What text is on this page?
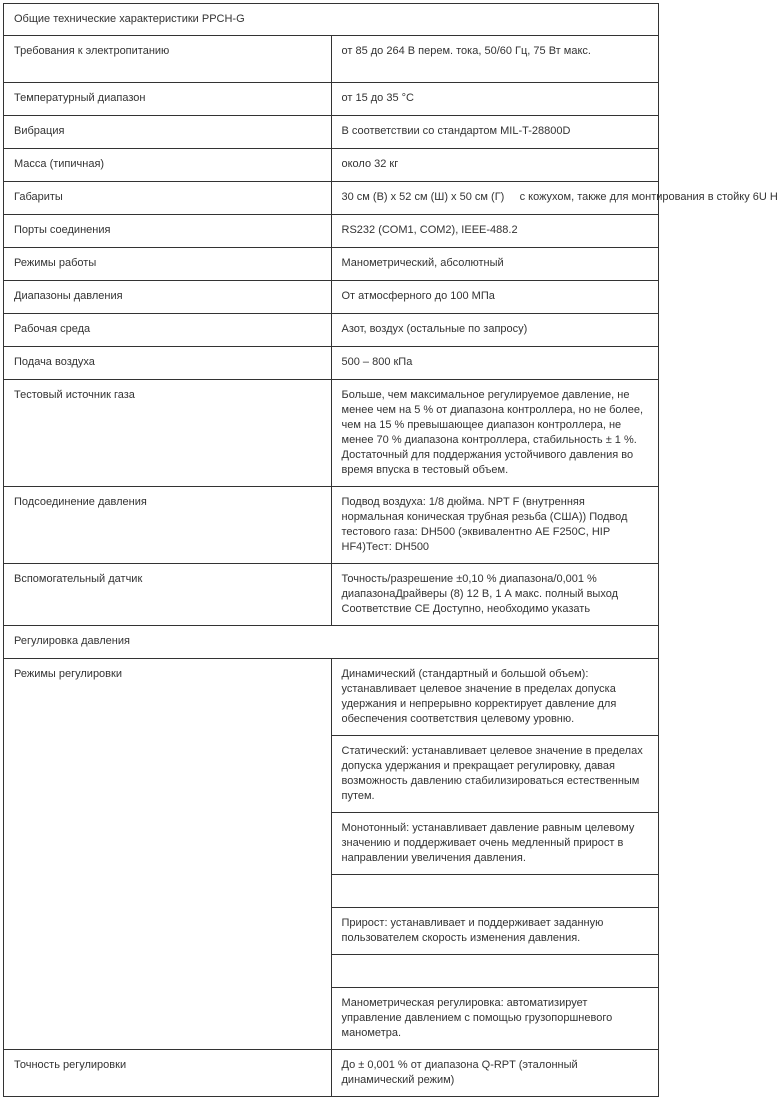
Общие технические характеристики PPCH-G	
Требования к электропитанию	от 85 до 264 В перем. тока, 50/60 Гц, 75 Вт макс.
Температурный диапазон	от 15 до 35 °C
Вибрация	В соответствии со стандартом MIL-T-28800D
Масса (типичная)	около 32 кг
Габариты	30 см (В) x 52 см (Ш) x 50 см (Г)     с кожухом, также для монтирования в стойку 6U H
Порты соединения	RS232 (COM1, COM2), IEEE-488.2
Режимы работы	Манометрический, абсолютный
Диапазоны давления	От атмосферного до 100 МПа
Рабочая среда	Азот, воздух (остальные по запросу)
Подача воздуха	500 – 800 кПа
Тестовый источник газа	Больше, чем максимальное регулируемое давление, не менее чем на 5 % от диапазона контроллера, но не более, чем на 15 % превышающее диапазон контроллера, не менее 70 % диапазона контроллера, стабильность ± 1 %. Достаточный для поддержания устойчивого давления во время впуска в тестовый объем.
Подсоединение давления	Подвод воздуха: 1/8 дюйма. NPT F (внутренняя нормальная коническая трубная резьба (США)) Подвод тестового газа: DH500 (эквивалентно AE F250C, HIP HF4)Тест: DH500
Вспомогательный датчик	Точность/разрешение ±0,10 % диапазона/0,001 % диапазонаДрайверы (8) 12 В, 1 А макс. полный выход Соответствие СЕ Доступно, необходимо указать
Регулировка давления	
Режимы регулировки	Динамический (стандартный и большой объем): устанавливает целевое значение в пределах допуска удержания и непрерывно корректирует давление для обеспечения соответствия целевому уровню.
	Статический: устанавливает целевое значение в пределах допуска удержания и прекращает регулировку, давая возможность давлению стабилизироваться естественным путем.
	Монотонный: устанавливает давление равным целевому значению и поддерживает очень медленный прирост в направлении увеличения давления.

	Прирост: устанавливает и поддерживает заданную пользователем скорость изменения давления.

	Манометрическая регулировка: автоматизирует управление давлением с помощью грузопоршневого манометра.
Точность регулировки	До ± 0,001 % от диапазона Q-RPT (эталонный динамический режим)
